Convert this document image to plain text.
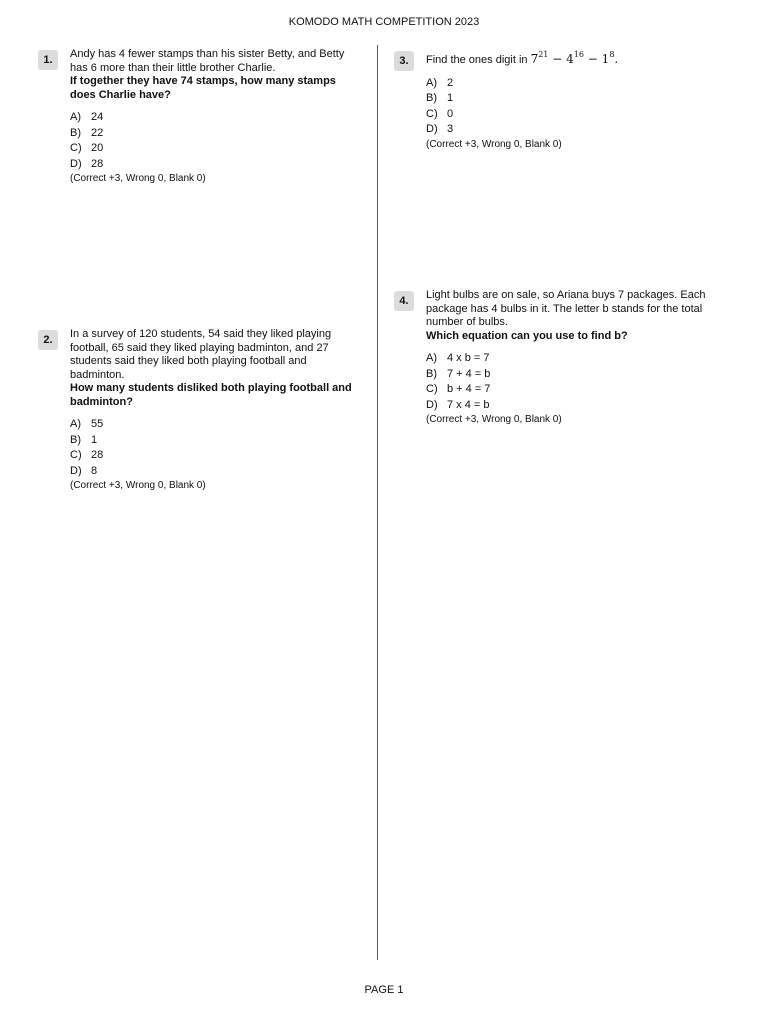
KOMODO MATH COMPETITION 2023
1.	Andy has 4 fewer stamps than his sister Betty, and Betty has 6 more than their little brother Charlie.
If together they have 74 stamps, how many stamps does Charlie have?

A) 24
B) 22
C) 20
D) 28
(Correct +3, Wrong 0, Blank 0)
2.	In a survey of 120 students, 54 said they liked playing football, 65 said they liked playing badminton, and 27 students said they liked both playing football and badminton.
How many students disliked both playing football and badminton?

A) 55
B) 1
C) 28
D) 8
(Correct +3, Wrong 0, Blank 0)
3.	Find the ones digit in $7^{21} - 4^{16} - 1^8$.

A) 2
B) 1
C) 0
D) 3
(Correct +3, Wrong 0, Blank 0)
4.	Light bulbs are on sale, so Ariana buys 7 packages. Each package has 4 bulbs in it. The letter b stands for the total number of bulbs.
Which equation can you use to find b?

A) 4 x b = 7
B) 7 + 4 = b
C) b + 4 = 7
D) 7 x 4 = b
(Correct +3, Wrong 0, Blank 0)
PAGE 1
